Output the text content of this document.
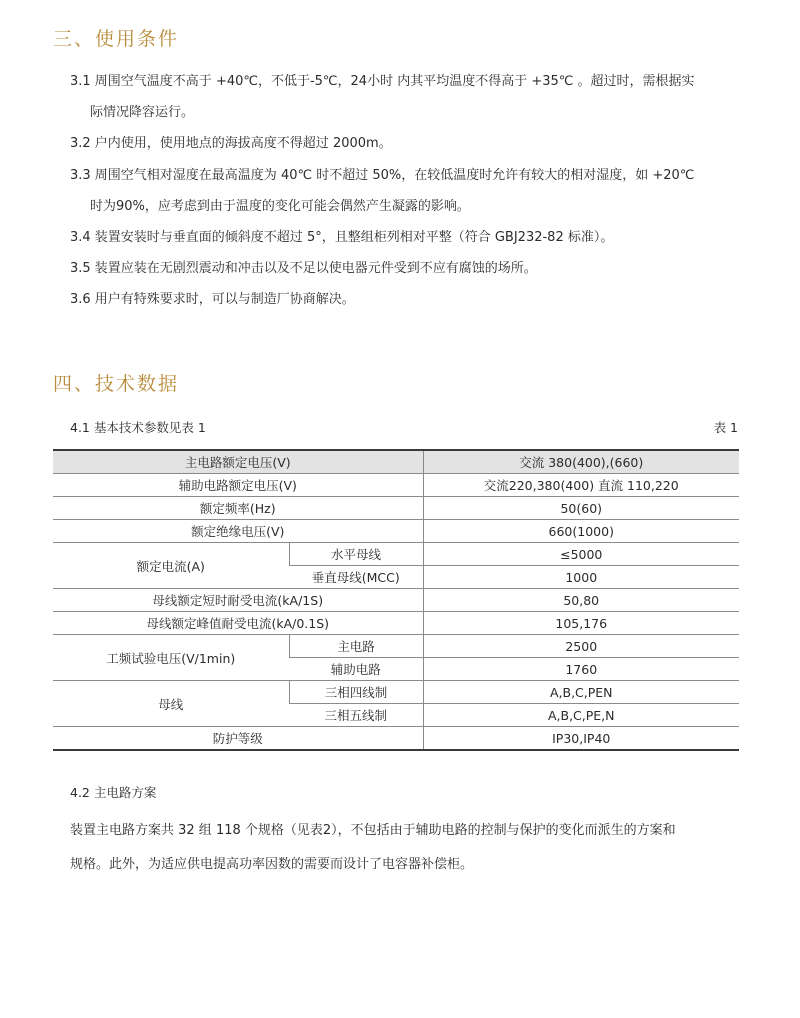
三、使用条件
3.1 周围空气温度不高于 +40℃，不低于-5℃，24小时 内其平均温度不得高于 +35℃ 。超过时，需根据实
际情况降容运行。
3.2 户内使用，使用地点的海拔高度不得超过 2000m。
3.3 周围空气相对湿度在最高温度为 40℃ 时不超过 50%，在较低温度时允许有较大的相对湿度，如 +20℃
时为90%，应考虑到由于温度的变化可能会偶然产生凝露的影响。
3.4 装置安装时与垂直面的倾斜度不超过 5°，且整组柜列相对平整（符合 GBJ232-82 标准）。
3.5 装置应装在无剧烈震动和冲击以及不足以使电器元件受到不应有腐蚀的场所。
3.6 用户有特殊要求时，可以与制造厂协商解决。
四、技术数据
4.1 基本技术参数见表 1	表 1
主电路额定电压(V)		交流 380(400),(660)
辅助电路额定电压(V)		交流220,380(400) 直流 110,220
额定频率(Hz)		50(60)
额定绝缘电压(V)		660(1000)
额定电流(A)	水平母线	≤5000
	垂直母线(MCC)	1000
母线额定短时耐受电流(kA/1S)		50,80
母线额定峰值耐受电流(kA/0.1S)		105,176
工频试验电压(V/1min)	主电路	2500
	辅助电路	1760
母线	三相四线制	A,B,C,PEN
	三相五线制	A,B,C,PE,N
防护等级		IP30,IP40
4.2 主电路方案
装置主电路方案共 32 组 118 个规格（见表2），不包括由于辅助电路的控制与保护的变化而派生的方案和
规格。此外，为适应供电提高功率因数的需要而设计了电容器补偿柜。
